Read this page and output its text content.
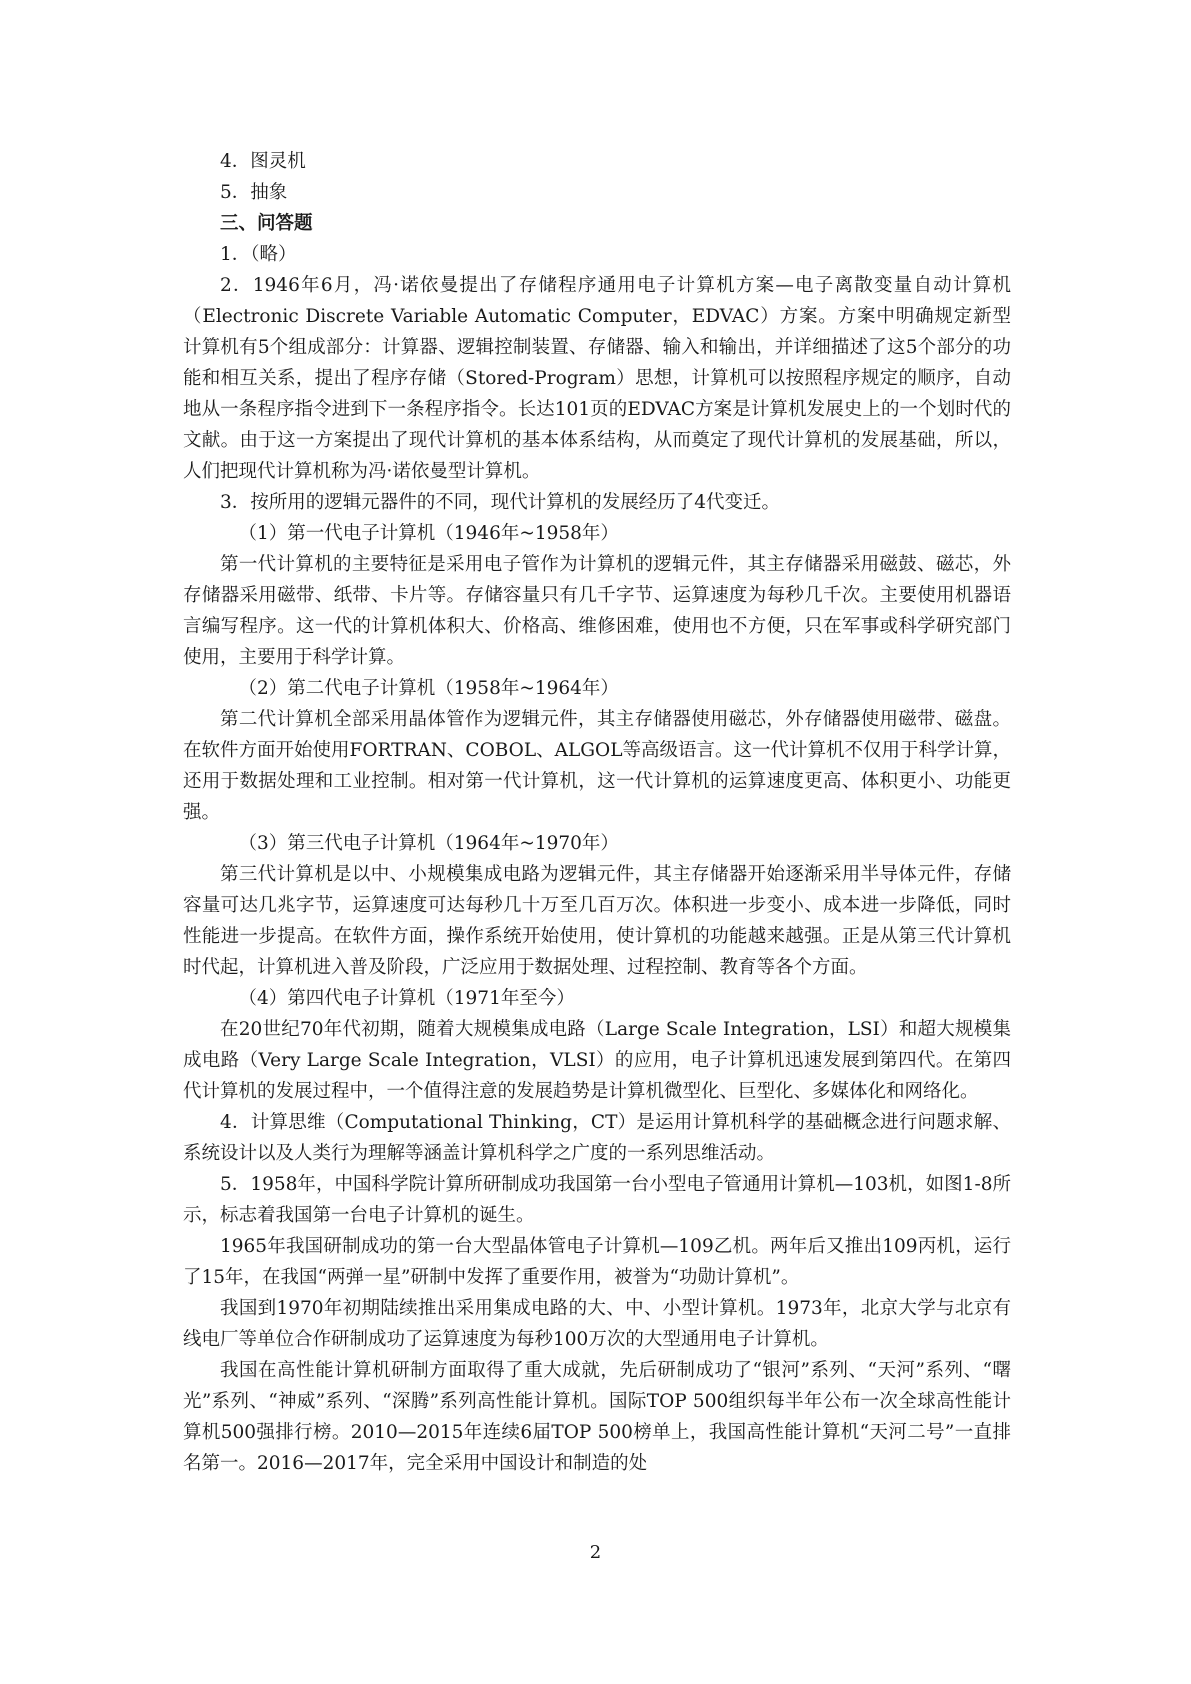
4．图灵机

5．抽象

三、问答题

1．（略）

2．1946年6月，冯·诺依曼提出了存储程序通用电子计算机方案—电子离散变量自动计算机（Electronic Discrete Variable Automatic Computer，EDVAC）方案。方案中明确规定新型计算机有5个组成部分：计算器、逻辑控制装置、存储器、输入和输出，并详细描述了这5个部分的功能和相互关系，提出了程序存储（Stored-Program）思想，计算机可以按照程序规定的顺序，自动地从一条程序指令进到下一条程序指令。长达101页的EDVAC方案是计算机发展史上的一个划时代的文献。由于这一方案提出了现代计算机的基本体系结构，从而奠定了现代计算机的发展基础，所以，人们把现代计算机称为冯·诺依曼型计算机。

3．按所用的逻辑元器件的不同，现代计算机的发展经历了4代变迁。

（1）第一代电子计算机（1946年~1958年）

第一代计算机的主要特征是采用电子管作为计算机的逻辑元件，其主存储器采用磁鼓、磁芯，外存储器采用磁带、纸带、卡片等。存储容量只有几千字节、运算速度为每秒几千次。主要使用机器语言编写程序。这一代的计算机体积大、价格高、维修困难，使用也不方便，只在军事或科学研究部门使用，主要用于科学计算。

（2）第二代电子计算机（1958年~1964年）

第二代计算机全部采用晶体管作为逻辑元件，其主存储器使用磁芯，外存储器使用磁带、磁盘。在软件方面开始使用FORTRAN、COBOL、ALGOL等高级语言。这一代计算机不仅用于科学计算，还用于数据处理和工业控制。相对第一代计算机，这一代计算机的运算速度更高、体积更小、功能更强。

（3）第三代电子计算机（1964年~1970年）

第三代计算机是以中、小规模集成电路为逻辑元件，其主存储器开始逐渐采用半导体元件，存储容量可达几兆字节，运算速度可达每秒几十万至几百万次。体积进一步变小、成本进一步降低，同时性能进一步提高。在软件方面，操作系统开始使用，使计算机的功能越来越强。正是从第三代计算机时代起，计算机进入普及阶段，广泛应用于数据处理、过程控制、教育等各个方面。

（4）第四代电子计算机（1971年至今）

在20世纪70年代初期，随着大规模集成电路（Large Scale Integration，LSI）和超大规模集成电路（Very Large Scale Integration，VLSI）的应用，电子计算机迅速发展到第四代。在第四代计算机的发展过程中，一个值得注意的发展趋势是计算机微型化、巨型化、多媒体化和网络化。

4．计算思维（Computational Thinking，CT）是运用计算机科学的基础概念进行问题求解、系统设计以及人类行为理解等涵盖计算机科学之广度的一系列思维活动。

5．1958年，中国科学院计算所研制成功我国第一台小型电子管通用计算机—103机，如图1-8所示，标志着我国第一台电子计算机的诞生。

1965年我国研制成功的第一台大型晶体管电子计算机—109乙机。两年后又推出109丙机，运行了15年，在我国“两弹一星”研制中发挥了重要作用，被誉为“功勋计算机”。

我国到1970年初期陆续推出采用集成电路的大、中、小型计算机。1973年，北京大学与北京有线电厂等单位合作研制成功了运算速度为每秒100万次的大型通用电子计算机。

我国在高性能计算机研制方面取得了重大成就，先后研制成功了“银河”系列、“天河”系列、“曙光”系列、“神威”系列、“深腾”系列高性能计算机。国际TOP 500组织每半年公布一次全球高性能计算机500强排行榜。2010—2015年连续6届TOP 500榜单上，我国高性能计算机“天河二号”一直排名第一。2016—2017年，完全采用中国设计和制造的处

2
